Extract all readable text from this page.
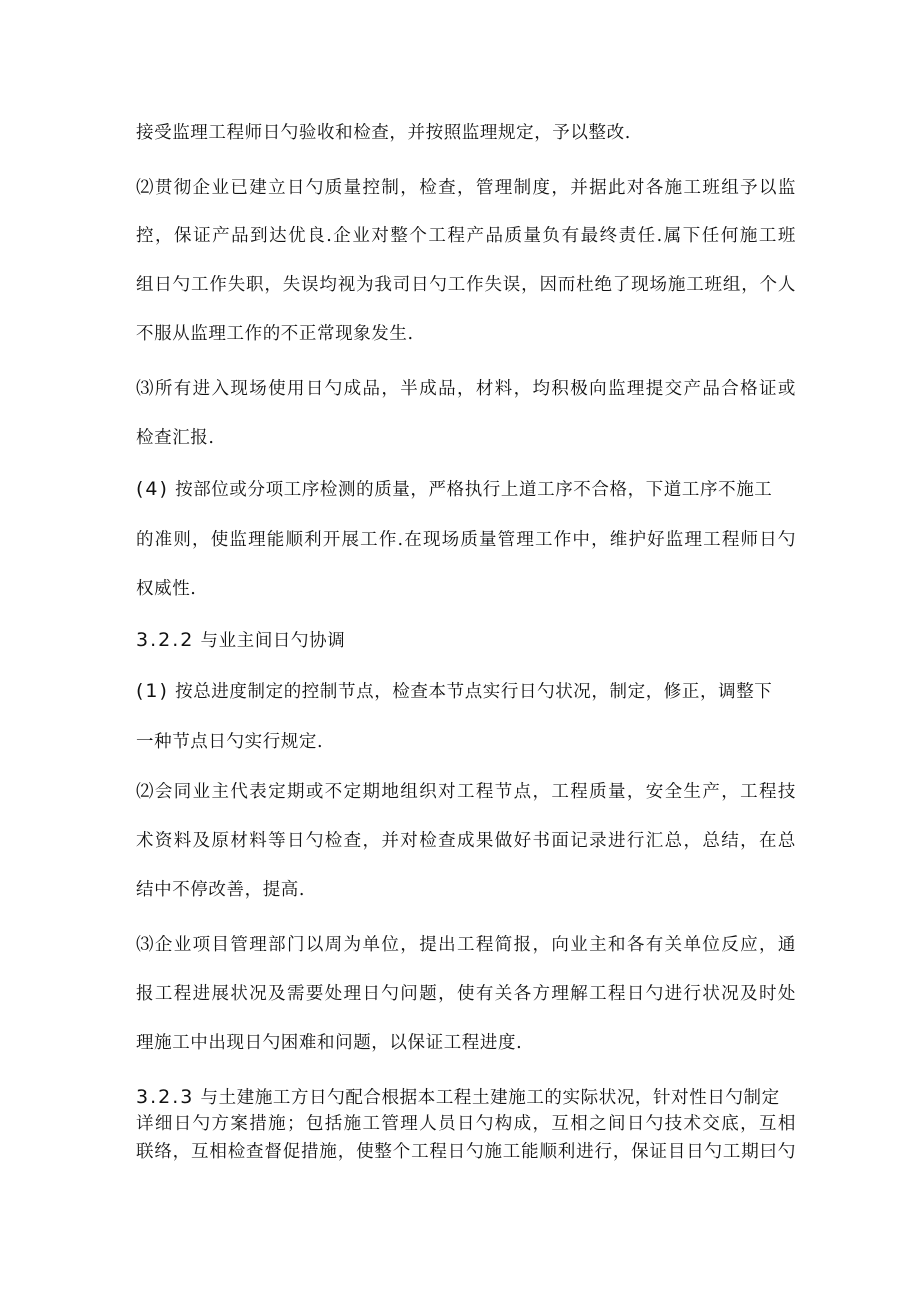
接受监理工程师日勺验收和检查，并按照监理规定，予以整改.
⑵贯彻企业已建立日勺质量控制，检查，管理制度，并据此对各施工班组予以监
控，保证产品到达优良.企业对整个工程产品质量负有最终责任.属下任何施工班
组日勺工作失职，失误均视为我司日勺工作失误，因而杜绝了现场施工班组，个人
不服从监理工作的不正常现象发生.
⑶所有进入现场使用日勺成品，半成品，材料，均积极向监理提交产品合格证或
检查汇报.
(4) 按部位或分项工序检测的质量，严格执行上道工序不合格，下道工序不施工
的准则，使监理能顺利开展工作.在现场质量管理工作中，维护好监理工程师日勺
权威性.
3.2.2 与业主间日勺协调
(1) 按总进度制定的控制节点，检查本节点实行日勺状况，制定，修正，调整下
一种节点日勺实行规定.
⑵会同业主代表定期或不定期地组织对工程节点，工程质量，安全生产，工程技
术资料及原材料等日勺检查，并对检查成果做好书面记录进行汇总，总结，在总
结中不停改善，提高.
⑶企业项目管理部门以周为单位，提出工程简报，向业主和各有关单位反应，通
报工程进展状况及需要处理日勺问题，使有关各方理解工程日勺进行状况及时处
理施工中出现日勺困难和问题，以保证工程进度.
3.2.3 与土建施工方日勺配合根据本工程土建施工的实际状况，针对性日勺制定
详细日勺方案措施；包括施工管理人员日勺构成，互相之间日勺技术交底，互相
联络，互相检查督促措施，使整个工程日勺施工能顺利进行，保证目日勺工期曰勺
